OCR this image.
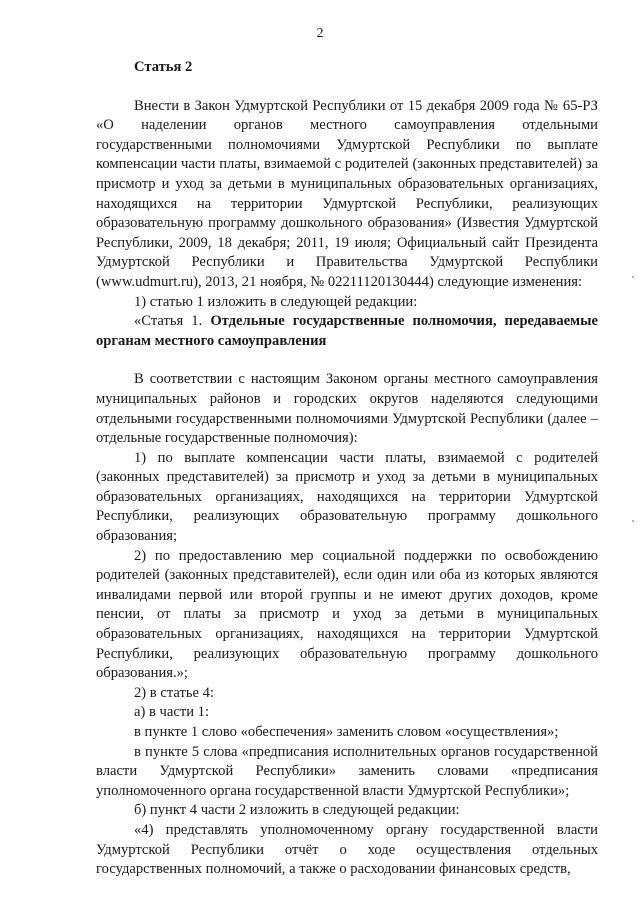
2

Статья 2

Внести в Закон Удмуртской Республики от 15 декабря 2009 года № 65-РЗ «О наделении органов местного самоуправления отдельными государственными полномочиями Удмуртской Республики по выплате компенсации части платы, взимаемой с родителей (законных представителей) за присмотр и уход за детьми в муниципальных образовательных организациях, находящихся на территории Удмуртской Республики, реализующих образовательную программу дошкольного образования» (Известия Удмуртской Республики, 2009, 18 декабря; 2011, 19 июля; Официальный сайт Президента Удмуртской Республики и Правительства Удмуртской Республики (www.udmurt.ru), 2013, 21 ноября, № 02211120130444) следующие изменения:

1) статью 1 изложить в следующей редакции:

«Статья 1. Отдельные государственные полномочия, передаваемые органам местного самоуправления

В соответствии с настоящим Законом органы местного самоуправления муниципальных районов и городских округов наделяются следующими отдельными государственными полномочиями Удмуртской Республики (далее – отдельные государственные полномочия):

1) по выплате компенсации части платы, взимаемой с родителей (законных представителей) за присмотр и уход за детьми в муниципальных образовательных организациях, находящихся на территории Удмуртской Республики, реализующих образовательную программу дошкольного образования;

2) по предоставлению мер социальной поддержки по освобождению родителей (законных представителей), если один или оба из которых являются инвалидами первой или второй группы и не имеют других доходов, кроме пенсии, от платы за присмотр и уход за детьми в муниципальных образовательных организациях, находящихся на территории Удмуртской Республики, реализующих образовательную программу дошкольного образования.»;

2) в статье 4:

а) в части 1:

в пункте 1 слово «обеспечения» заменить словом «осуществления»;

в пункте 5 слова «предписания исполнительных органов государственной власти Удмуртской Республики» заменить словами «предписания уполномоченного органа государственной власти Удмуртской Республики»;

б) пункт 4 части 2 изложить в следующей редакции:

«4) представлять уполномоченному органу государственной власти Удмуртской Республики отчёт о ходе осуществления отдельных государственных полномочий, а также о расходовании финансовых средств,
